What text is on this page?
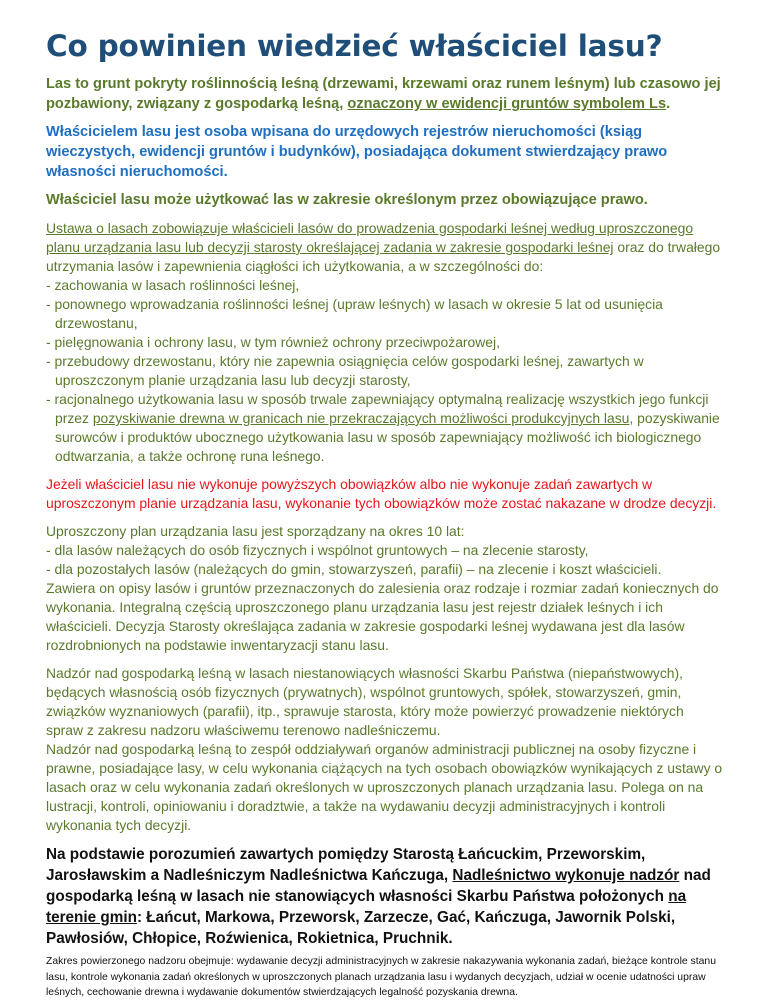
Co powinien wiedzieć właściciel lasu?

Las to grunt pokryty roślinnością leśną (drzewami, krzewami oraz runem leśnym) lub czasowo jej pozbawiony, związany z gospodarką leśną, oznaczony w ewidencji gruntów symbolem Ls.

Właścicielem lasu jest osoba wpisana do urzędowych rejestrów nieruchomości (ksiąg wieczystych, ewidencji gruntów i budynków), posiadająca dokument stwierdzający prawo własności nieruchomości.

Właściciel lasu może użytkować las w zakresie określonym przez obowiązujące prawo.

Ustawa o lasach zobowiązuje właścicieli lasów do prowadzenia gospodarki leśnej według uproszczonego planu urządzania lasu lub decyzji starosty określającej zadania w zakresie gospodarki leśnej oraz do trwałego utrzymania lasów i zapewnienia ciągłości ich użytkowania, a w szczególności do:

- zachowania w lasach roślinności leśnej,

- ponownego wprowadzania roślinności leśnej (upraw leśnych) w lasach w okresie 5 lat od usunięcia drzewostanu,

- pielęgnowania i ochrony lasu, w tym również ochrony przeciwpożarowej,

- przebudowy drzewostanu, który nie zapewnia osiągnięcia celów gospodarki leśnej, zawartych w uproszczonym planie urządzania lasu lub decyzji starosty,

- racjonalnego użytkowania lasu w sposób trwale zapewniający optymalną realizację wszystkich jego funkcji przez pozyskiwanie drewna w granicach nie przekraczających możliwości produkcyjnych lasu, pozyskiwanie surowców i produktów ubocznego użytkowania lasu w sposób zapewniający możliwość ich biologicznego odtwarzania, a także ochronę runa leśnego.

Jeżeli właściciel lasu nie wykonuje powyższych obowiązków albo nie wykonuje zadań zawartych w uproszczonym planie urządzania lasu, wykonanie tych obowiązków może zostać nakazane w drodze decyzji.

Uproszczony plan urządzania lasu jest sporządzany na okres 10 lat:

- dla lasów należących do osób fizycznych i wspólnot gruntowych – na zlecenie starosty,

- dla pozostałych lasów (należących do gmin, stowarzyszeń, parafii) – na zlecenie i koszt właścicieli.

Zawiera on opisy lasów i gruntów przeznaczonych do zalesienia oraz rodzaje i rozmiar zadań koniecznych do wykonania. Integralną częścią uproszczonego planu urządzania lasu jest rejestr działek leśnych i ich właścicieli. Decyzja Starosty określająca zadania w zakresie gospodarki leśnej wydawana jest dla lasów rozdrobnionych na podstawie inwentaryzacji stanu lasu.

Nadzór nad gospodarką leśną w lasach niestanowiących własności Skarbu Państwa (niepaństwowych), będących własnością osób fizycznych (prywatnych), wspólnot gruntowych, spółek, stowarzyszeń, gmin, związków wyznaniowych (parafii), itp., sprawuje starosta, który może powierzyć prowadzenie niektórych spraw z zakresu nadzoru właściwemu terenowo nadleśniczemu.

Nadzór nad gospodarką leśną to zespół oddziaływań organów administracji publicznej na osoby fizyczne i prawne, posiadające lasy, w celu wykonania ciążących na tych osobach obowiązków wynikających z ustawy o lasach oraz w celu wykonania zadań określonych w uproszczonych planach urządzania lasu. Polega on na lustracji, kontroli, opiniowaniu i doradztwie, a także na wydawaniu decyzji administracyjnych i kontroli wykonania tych decyzji.

Na podstawie porozumień zawartych pomiędzy Starostą Łańcuckim, Przeworskim, Jarosławskim a Nadleśniczym Nadleśnictwa Kańczuga, Nadleśnictwo wykonuje nadzór nad gospodarką leśną w lasach nie stanowiących własności Skarbu Państwa położonych na terenie gmin: Łańcut, Markowa, Przeworsk, Zarzecze, Gać, Kańczuga, Jawornik Polski, Pawłosiów, Chłopice, Roźwienica, Rokietnica, Pruchnik.

Zakres powierzonego nadzoru obejmuje: wydawanie decyzji administracyjnych w zakresie nakazywania wykonania zadań, bieżące kontrole stanu lasu, kontrole wykonania zadań określonych w uproszczonych planach urządzania lasu i wydanych decyzjach, udział w ocenie udatności upraw leśnych, cechowanie drewna i wydawanie dokumentów stwierdzających legalność pozyskania drewna.
